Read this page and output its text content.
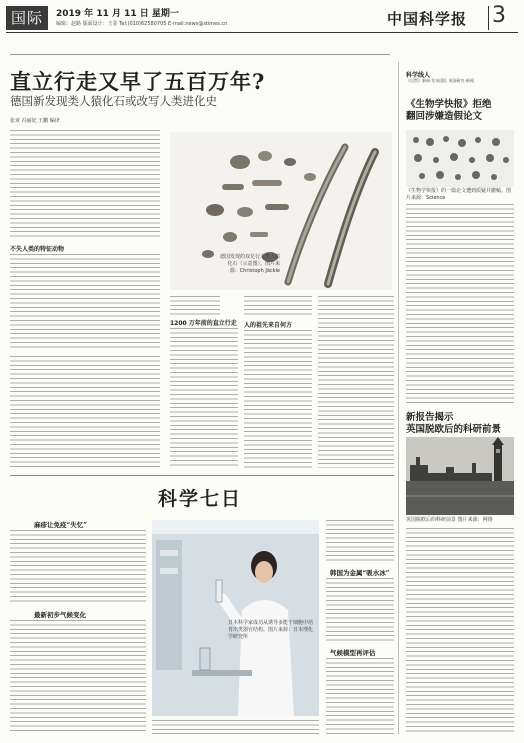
国际	2019 年 11 月 11 日 星期一
编辑：赵路 版面设计：王菲 Tel:(010)62580705 E-mail:news@stimes.cn	中国科学报 3
直立行走又早了五百万年?
德国新发现类人猿化石或改写人类进化史
张章 冯丽妃 王鹏 编译
不失人类的特征动物
德国发现的双足行走类人猿化石（示意图）。图片来源：Christoph Jäckle
1200 万年前的直立行走 人的祖先来自何方
科学线人
《自然》新闻·发布团队 英国研究·新闻
《生物学快报》拒绝
翻回涉嫌造假论文
《生物学快报》的一篇论文遭到质疑并撤稿。图片来源：Science
新报告揭示
英国脱欧后的科研前景
英国脱欧后的科研前景 图片来源：网络
科学七日
麻疹让免疫“失忆”
最新初步气候变化
日本科学家成功从诱导多能干细胞中培育出类器官结构。图片来源：日本理化学研究所
韩国为金属“吸水冰”
气候模型再评估
